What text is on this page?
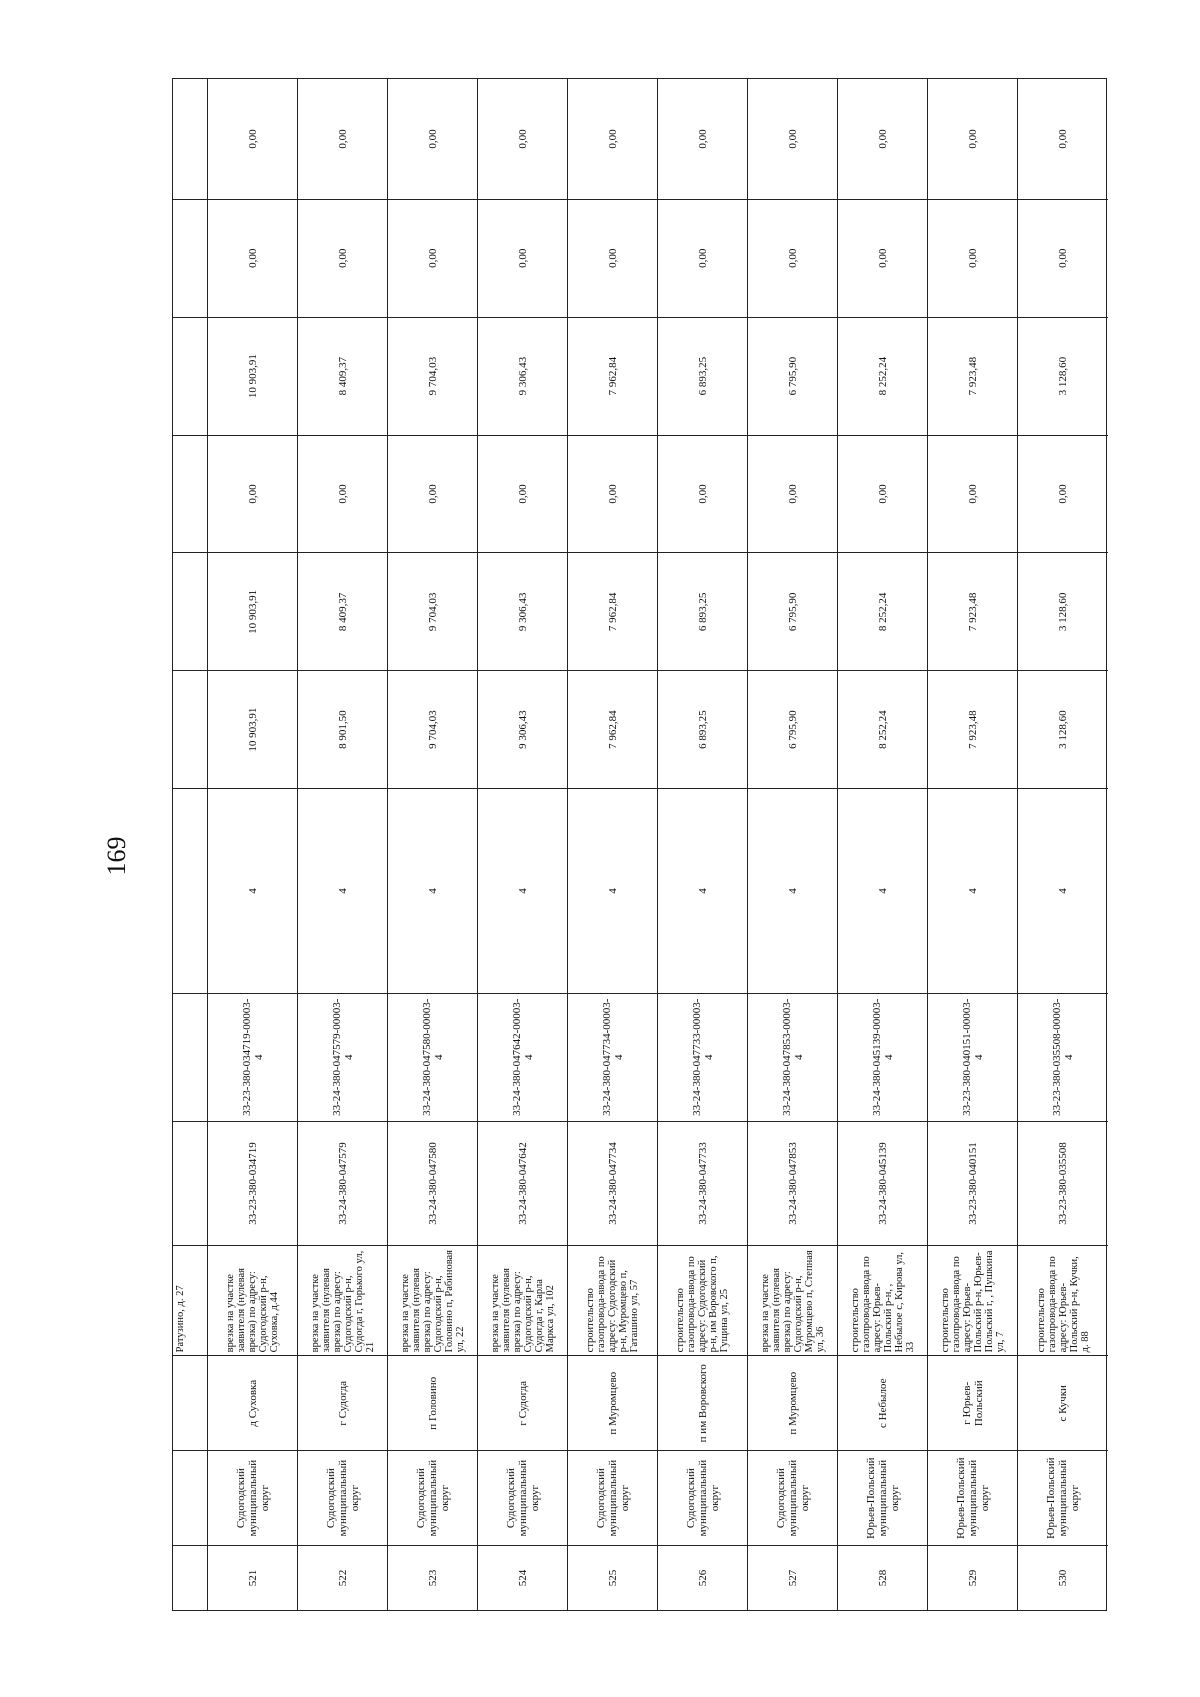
169
Ратузино, д. 27
521
Судогодский муниципальный округ
д Суховка
врезка на участке заявителя (нулевая врезка) по адресу: Судогодский р-н, Суховка, д.44
33-23-380-034719
33-23-380-034719-00003-4
4
10 903,91
10 903,91
0,00
10 903,91
0,00
0,00
522
Судогодский муниципальный округ
г Судогда
врезка на участке заявителя (нулевая врезка) по адресу: Судогодский р-н, Судогда г, Горького ул, 21
33-24-380-047579
33-24-380-047579-00003-4
4
8 901,50
8 409,37
0,00
8 409,37
0,00
0,00
523
Судогодский муниципальный округ
п Головино
врезка на участке заявителя (нулевая врезка) по адресу: Судогодский р-н, Головино п, Рабиновая ул, 22
33-24-380-047580
33-24-380-047580-00003-4
4
9 704,03
9 704,03
0,00
9 704,03
0,00
0,00
524
Судогодский муниципальный округ
г Судогда
врезка на участке заявителя (нулевая врезка) по адресу: Судогодский р-н, Судогда г, Карла Маркса ул, 102
33-24-380-047642
33-24-380-047642-00003-4
4
9 306,43
9 306,43
0,00
9 306,43
0,00
0,00
525
Судогодский муниципальный округ
п Муромцево
строительство газопровода-ввода по адресу: Судогодский р-н, Муромцево п, Гаташино ул, 57
33-24-380-047734
33-24-380-047734-00003-4
4
7 962,84
7 962,84
0,00
7 962,84
0,00
0,00
526
Судогодский муниципальный округ
п им Воровского
строительство газопровода-ввода по адресу: Судогодский р-н, им Воровского п, Гущина ул, 25
33-24-380-047733
33-24-380-047733-00003-4
4
6 893,25
6 893,25
0,00
6 893,25
0,00
0,00
527
Судогодский муниципальный округ
п Муромцево
врезка на участке заявителя (нулевая врезка) по адресу: Судогодский р-н, Муромцево п, Степная ул, 36
33-24-380-047853
33-24-380-047853-00003-4
4
6 795,90
6 795,90
0,00
6 795,90
0,00
0,00
528
Юрьев-Польский муниципальный округ
с Небылое
строительство газопровода-ввода по адресу: Юрьев-Польский р-н, , Небылое с, Кирова ул, 33
33-24-380-045139
33-24-380-045139-00003-4
4
8 252,24
8 252,24
0,00
8 252,24
0,00
0,00
529
Юрьев-Польский муниципальный округ
г Юрьев-Польский
строительство газопровода-ввода по адресу: Юрьев-Польский р-н, Юрьев-Польский г, , Пушкина ул, 7
33-23-380-040151
33-23-380-040151-00003-4
4
7 923,48
7 923,48
0,00
7 923,48
0,00
0,00
530
Юрьев-Польский муниципальный округ
с Кучки
строительство газопровода-ввода по адресу: Юрьев-Польский р-н, Кучки, д. 88
33-23-380-035508
33-23-380-035508-00003-4
4
3 128,60
3 128,60
0,00
3 128,60
0,00
0,00
